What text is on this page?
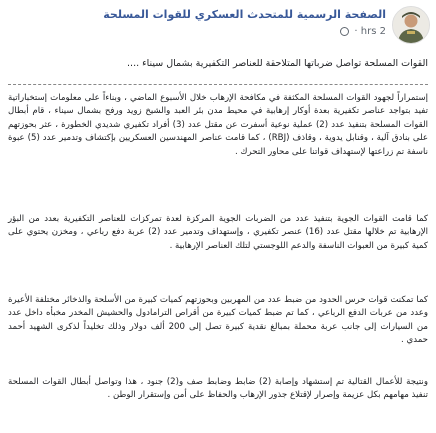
الصفحة الرسمية للمتحدث العسكري للقوات المسلحة
2 hrs ·
القوات المسلحة تواصل ضرباتها المتلاحقة للعناصر التكفيرية بشمال سيناء ....
إستمراراً لجهود القوات المسلحة المكثفة في مكافحة الإرهاب خلال الأسبوع الماضي ، وبناءاً على معلومات إستخباراتية تفيد بتواجد عناصر تكفيرية بعدة أوكار إرهابية في محيط مدن بئر العبد والشيخ زويد ورفح بشمال سيناء ، قام أبطال القوات المسلحة بتنفيذ عدد (2) عملية نوعية أسفرت عن مقتل عدد (3) أفراد تكفيري شديدي الخطورة ، عثر بحوزتهم على بنادق آلية ، وقنابل يدوية ، وقاذف (RBJ) ، كما قامت عناصر المهندسين العسكريين بإكتشاف وتدمير عدد (5) عبوة ناسفة تم زراعتها لإستهداف قواتنا على محاور التحرك .
كما قامت القوات الجوية بتنفيذ عدد من الضربات الجوية المركزة لعدة تمركزات للعناصر التكفيرية بعدد من البؤر الإرهابية تم خلالها مقتل عدد (16) عنصر تكفيري ، وإستهداف وتدمير عدد (2) عربة دفع رباعي ، ومخزن يحتوي على كمية كبيرة من العبوات الناسفة والدعم اللوجستي لتلك العناصر الإرهابية .
كما تمكنت قوات حرس الحدود من ضبط عدد من المهربين وبحوزتهم كميات كبيرة من الأسلحة والذخائر مختلفة الأعيرة وعدد من عربات الدفع الرباعي ، كما تم ضبط كميات كبيرة من أقراص الترامادول والحشيش المخدر مخبأه داخل عدد من السيارات إلى جانب عربة محملة بمبالغ نقدية كبيرة تصل إلى 200 ألف دولار وذلك تخليداً لذكرى الشهيد أحمد حمدي .
ونتيجة للأعمال القتالية تم إستشهاد وإصابة (2) ضابط وضابط صف و(2) جنود ، هذا وتواصل أبطال القوات المسلحة تنفيذ مهامهم بكل عزيمة وإصرار لإقتلاع جذور الإرهاب والحفاظ على أمن وإستقرار الوطن .
